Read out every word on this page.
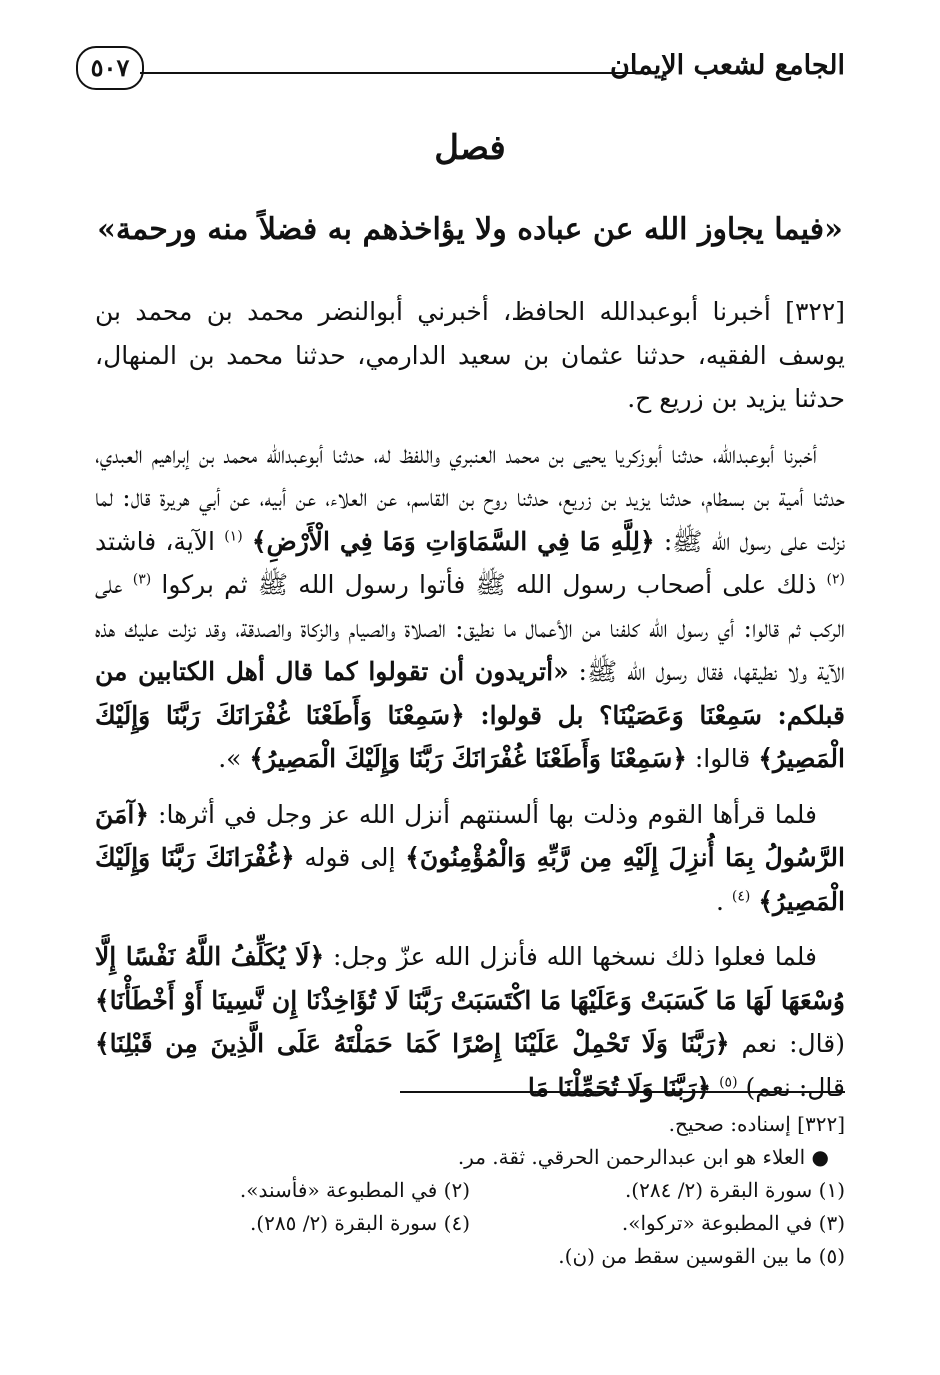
الجامع لشعب الإيمان
٥٠٧
فصل
«فيما يجاوز الله عن عباده ولا يؤاخذهم به فضلاً منه ورحمة»

[٣٢٢] أخبرنا أبوعبدالله الحافظ، أخبرني أبوالنضر محمد بن محمد بن يوسف الفقيه، حدثنا عثمان بن سعيد الدارمي، حدثنا محمد بن المنهال، حدثنا يزيد بن زريع ح.

أخبرنا أبوعبدالله، حدثنا أبوزكريا يحيى بن محمد العنبري واللفظ له، حدثنا أبوعبدالله محمد بن إبراهيم العبدي، حدثنا أمية بن بسطام، حدثنا يزيد بن زريع، حدثنا روح بن القاسم، عن العلاء، عن أبيه، عن أبي هريرة قال: لما نزلت على رسول الله ﷺ: ﴿لِلَّهِ مَا فِي السَّمَاوَاتِ وَمَا فِي الْأَرْضِ﴾ $^{(١)}$ الآية، فاشتد $^{(٢)}$ ذلك على أصحاب رسول الله ﷺ فأتوا رسول الله ﷺ ثم بركوا $^{(٣)}$ على الركب ثم قالوا: أي رسول الله كلفنا من الأعمال ما نطيق: الصلاة والصيام والزكاة والصدقة، وقد نزلت عليك هذه الآية ولا نطيقها، فقال رسول الله ﷺ: «أتريدون أن تقولوا كما قال أهل الكتابين من قبلكم: سَمِعْنَا وَعَصَيْنَا؟ بل قولوا: ﴿سَمِعْنَا وَأَطَعْنَا غُفْرَانَكَ رَبَّنَا وَإِلَيْكَ الْمَصِيرُ﴾ قالوا: ﴿سَمِعْنَا وَأَطَعْنَا غُفْرَانَكَ رَبَّنَا وَإِلَيْكَ الْمَصِيرُ﴾ ».

فلما قرأها القوم وذلت بها ألسنتهم أنزل الله عز وجل في أثرها: ﴿آمَنَ الرَّسُولُ بِمَا أُنزِلَ إِلَيْهِ مِن رَّبِّهِ وَالْمُؤْمِنُونَ﴾ إلى قوله ﴿غُفْرَانَكَ رَبَّنَا وَإِلَيْكَ الْمَصِيرُ﴾ $^{(٤)}$ .

فلما فعلوا ذلك نسخها الله فأنزل الله عزّ وجل: ﴿لَا يُكَلِّفُ اللَّهُ نَفْسًا إِلَّا وُسْعَهَا لَهَا مَا كَسَبَتْ وَعَلَيْهَا مَا اكْتَسَبَتْ رَبَّنَا لَا تُؤَاخِذْنَا إِن نَّسِينَا أَوْ أَخْطَأْنَا﴾ (قال: نعم ﴿رَبَّنَا وَلَا تَحْمِلْ عَلَيْنَا إِصْرًا كَمَا حَمَلْتَهُ عَلَى الَّذِينَ مِن قَبْلِنَا﴾ قال: نعم) $^{(٥)}$ ﴿رَبَّنَا وَلَا تُحَمِّلْنَا مَا

[٣٢٢] إسناده: صحيح.
● العلاء هو ابن عبدالرحمن الحرقي. ثقة. مر.
(١) سورة البقرة (٢/ ٢٨٤).
(٢) في المطبوعة «فأسند».
(٣) في المطبوعة «تركوا».
(٤) سورة البقرة (٢/ ٢٨٥).
(٥) ما بين القوسين سقط من (ن).
